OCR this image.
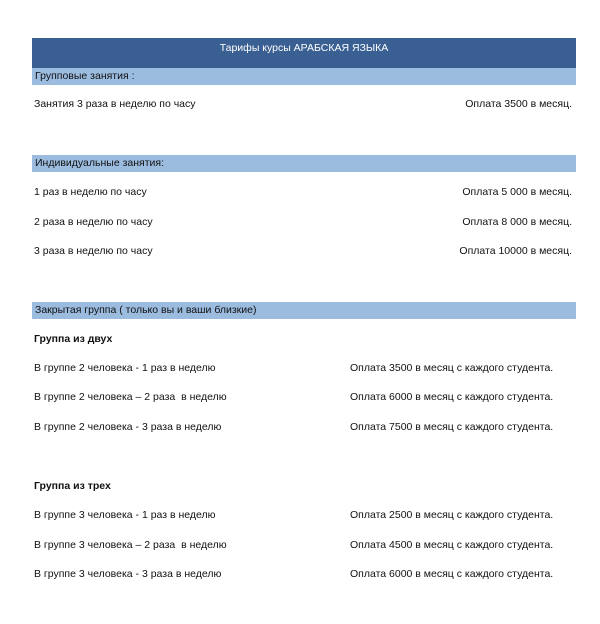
Тарифы курсы АРАБСКАЯ ЯЗЫКА
Групповые занятия :
Занятия 3 раза в неделю по часу	Оплата 3500 в месяц.
Индивидуальные занятия:
1 раз в неделю по часу	Оплата 5 000 в месяц.
2 раза в неделю по часу	Оплата 8 000 в месяц.
3 раза в неделю по часу	Оплата 10000 в месяц.
Закрытая группа ( только вы и ваши близкие)
Группа из двух
В группе 2 человека - 1 раз в неделю	Оплата 3500 в месяц с каждого студента.
В группе 2 человека – 2 раза  в неделю	Оплата 6000 в месяц с каждого студента.
В группе 2 человека - 3 раза в неделю	Оплата 7500 в месяц с каждого студента.
Группа из трех
В группе 3 человека - 1 раз в неделю	Оплата 2500 в месяц с каждого студента.
В группе 3 человека – 2 раза  в неделю	Оплата 4500 в месяц с каждого студента.
В группе 3 человека - 3 раза в неделю	Оплата 6000 в месяц с каждого студента.
